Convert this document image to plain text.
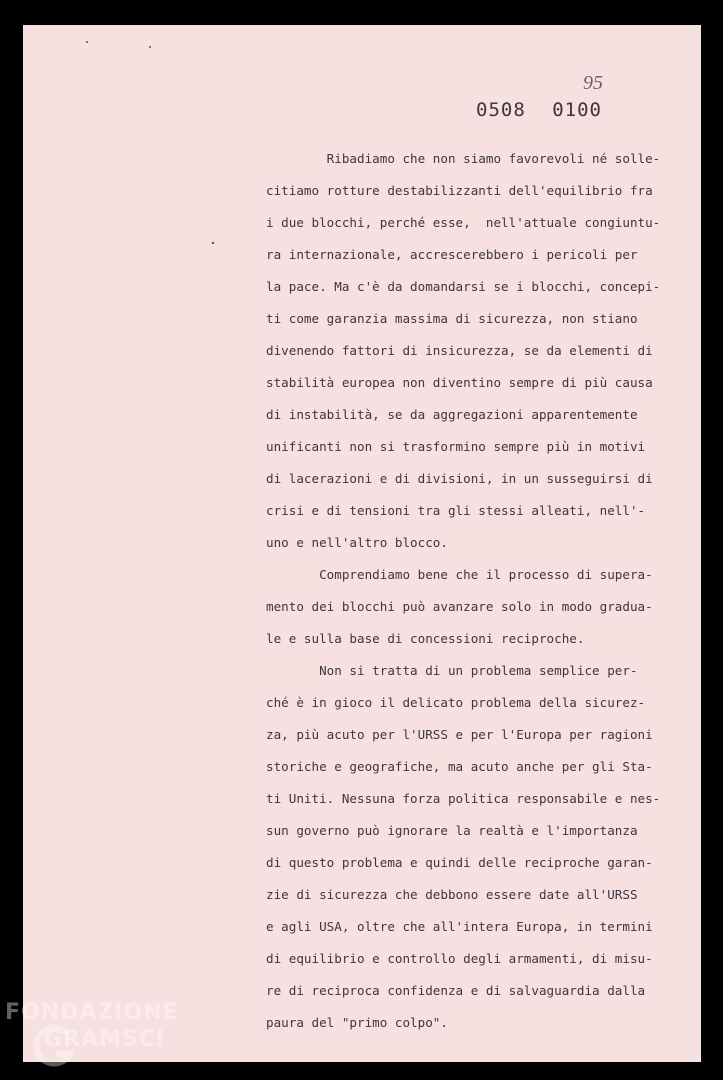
95
0508 0100
Ribadiamo che non siamo favorevoli né solle-
citiamo rotture destabilizzanti dell'equilibrio fra
i due blocchi, perché esse,  nell'attuale congiuntu-
ra internazionale, accrescerebbero i pericoli per
la pace. Ma c'è da domandarsi se i blocchi, concepi-
ti come garanzia massima di sicurezza, non stiano
divenendo fattori di insicurezza, se da elementi di
stabilità europea non diventino sempre di più causa
di instabilità, se da aggregazioni apparentemente
unificanti non si trasformino sempre più in motivi
di lacerazioni e di divisioni, in un susseguirsi di
crisi e di tensioni tra gli stessi alleati, nell'-
uno e nell'altro blocco.
Comprendiamo bene che il processo di supera-
mento dei blocchi può avanzare solo in modo gradua-
le e sulla base di concessioni reciproche.
Non si tratta di un problema semplice per-
ché è in gioco il delicato problema della sicurez-
za, più acuto per l'URSS e per l'Europa per ragioni
storiche e geografiche, ma acuto anche per gli Sta-
ti Uniti. Nessuna forza politica responsabile e nes-
sun governo può ignorare la realtà e l'importanza
di questo problema e quindi delle reciproche garan-
zie di sicurezza che debbono essere date all'URSS
e agli USA, oltre che all'intera Europa, in termini
di equilibrio e controllo degli armamenti, di misu-
re di reciproca confidenza e di salvaguardia dalla
paura del "primo colpo".
FONDAZIONE
GRAMSCI
